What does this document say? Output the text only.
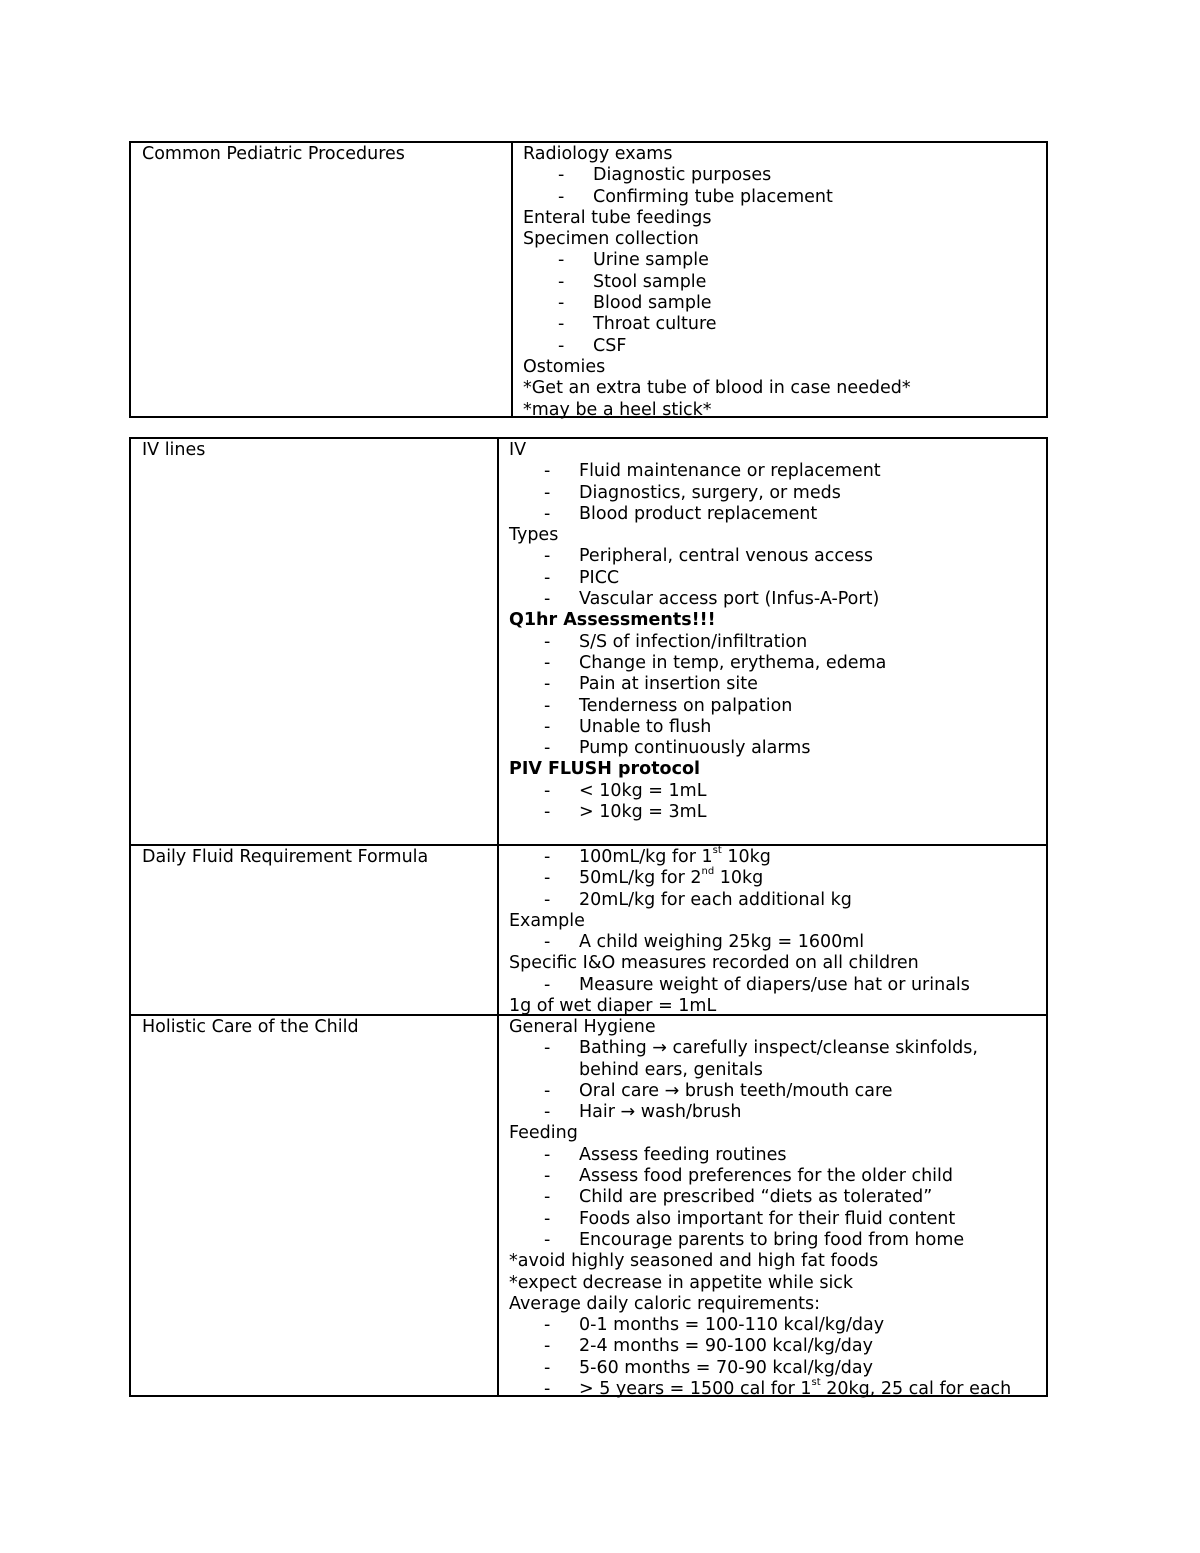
Common Pediatric Procedures	Radiology exams
- Diagnostic purposes
- Confirming tube placement
Enteral tube feedings
Specimen collection
- Urine sample
- Stool sample
- Blood sample
- Throat culture
- CSF
Ostomies
*Get an extra tube of blood in case needed*
*may be a heel stick*
IV lines	IV
- Fluid maintenance or replacement
- Diagnostics, surgery, or meds
- Blood product replacement
Types
- Peripheral, central venous access
- PICC
- Vascular access port (Infus-A-Port)
Q1hr Assessments!!!
- S/S of infection/infiltration
- Change in temp, erythema, edema
- Pain at insertion site
- Tenderness on palpation
- Unable to flush
- Pump continuously alarms
PIV FLUSH protocol
- < 10kg = 1mL
- > 10kg = 3mL
Daily Fluid Requirement Formula	- 100mL/kg for 1st 10kg
- 50mL/kg for 2nd 10kg
- 20mL/kg for each additional kg
Example
- A child weighing 25kg = 1600ml
Specific I&O measures recorded on all children
- Measure weight of diapers/use hat or urinals
1g of wet diaper = 1mL
Holistic Care of the Child	General Hygiene
- Bathing → carefully inspect/cleanse skinfolds,
behind ears, genitals
- Oral care → brush teeth/mouth care
- Hair → wash/brush
Feeding
- Assess feeding routines
- Assess food preferences for the older child
- Child are prescribed “diets as tolerated”
- Foods also important for their fluid content
- Encourage parents to bring food from home
*avoid highly seasoned and high fat foods
*expect decrease in appetite while sick
Average daily caloric requirements:
- 0-1 months = 100-110 kcal/kg/day
- 2-4 months = 90-100 kcal/kg/day
- 5-60 months = 70-90 kcal/kg/day
- > 5 years = 1500 cal for 1st 20kg, 25 cal for each
